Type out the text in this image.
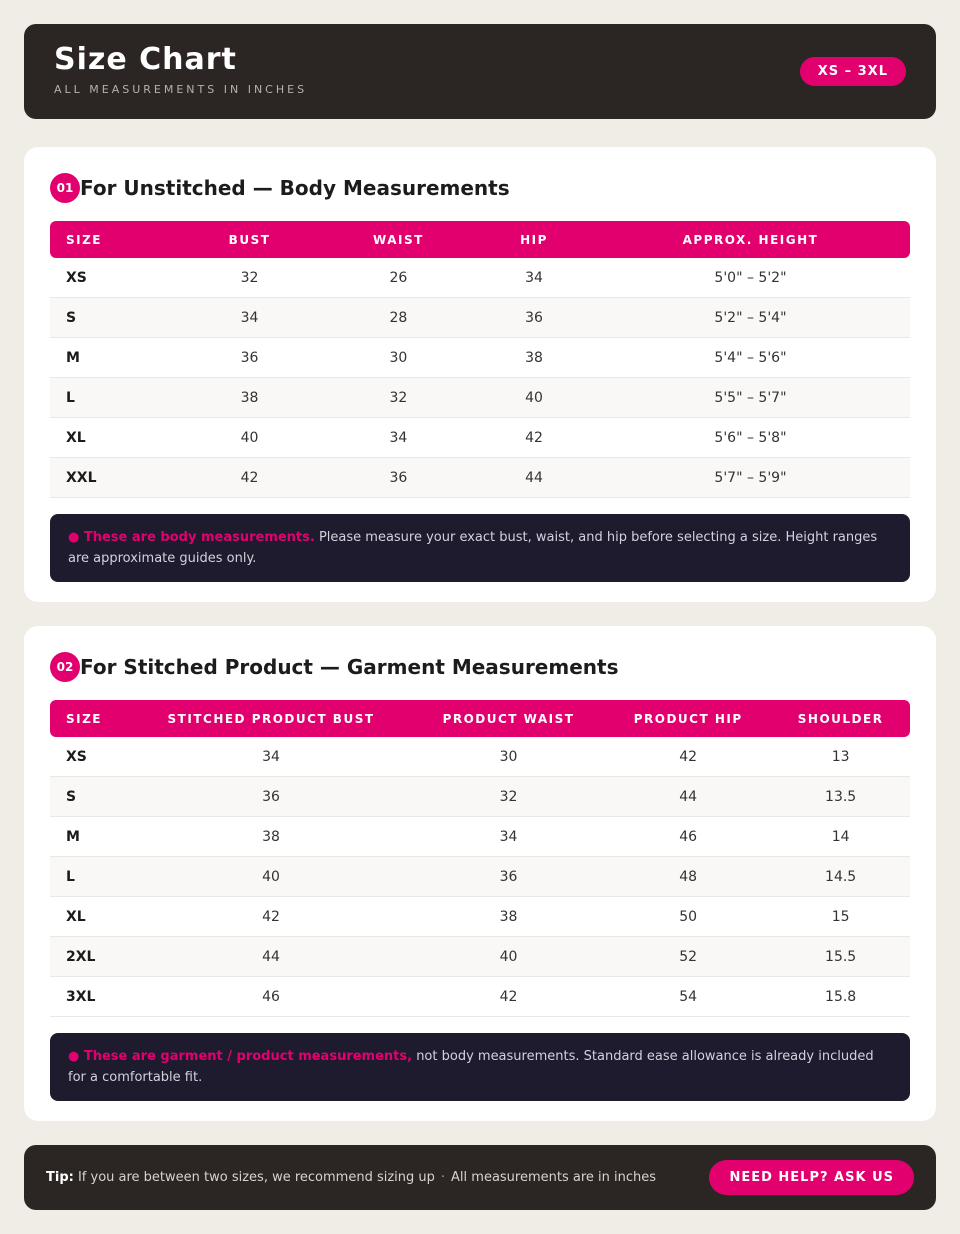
Size Chart
ALL MEASUREMENTS IN INCHES
XS – 3XL
01 For Unstitched — Body Measurements
SIZE	BUST	WAIST	HIP	APPROX. HEIGHT
XS	32	26	34	5'0" – 5'2"
S	34	28	36	5'2" – 5'4"
M	36	30	38	5'4" – 5'6"
L	38	32	40	5'5" – 5'7"
XL	40	34	42	5'6" – 5'8"
XXL	42	36	44	5'7" – 5'9"
● These are body measurements. Please measure your exact bust, waist, and hip before selecting a size. Height ranges are approximate guides only.
02 For Stitched Product — Garment Measurements
SIZE	STITCHED PRODUCT BUST	PRODUCT WAIST	PRODUCT HIP	SHOULDER
XS	34	30	42	13
S	36	32	44	13.5
M	38	34	46	14
L	40	36	48	14.5
XL	42	38	50	15
2XL	44	40	52	15.5
3XL	46	42	54	15.8
● These are garment / product measurements, not body measurements. Standard ease allowance is already included for a comfortable fit.
Tip: If you are between two sizes, we recommend sizing up · All measurements are in inches	NEED HELP? ASK US
